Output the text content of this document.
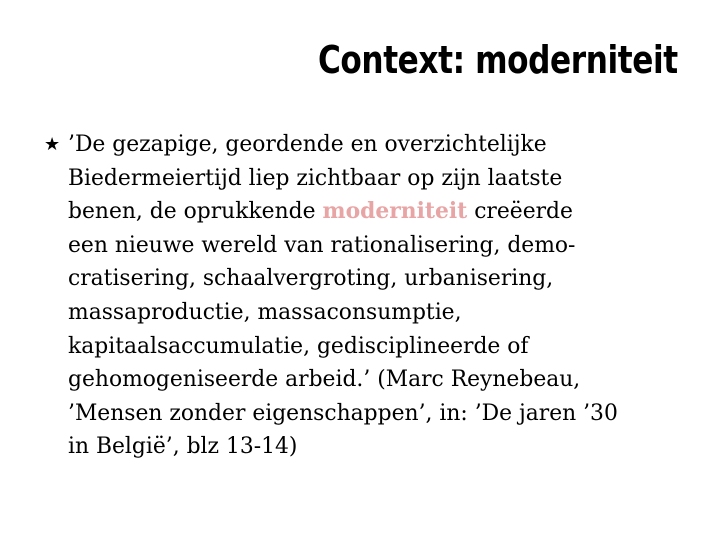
Context: moderniteit
★ ’De gezapige, geordende en overzichtelijke
Biedermeiertijd liep zichtbaar op zijn laatste
benen, de oprukkende moderniteit creëerde
een nieuwe wereld van rationalisering, demo-
cratisering, schaalvergroting, urbanisering,
massaproductie, massaconsumptie,
kapitaalsaccumulatie, gedisciplineerde of
gehomogeniseerde arbeid.’ (Marc Reynebeau,
’Mensen zonder eigenschappen’, in: ’De jaren ’30
in België’, blz 13-14)
